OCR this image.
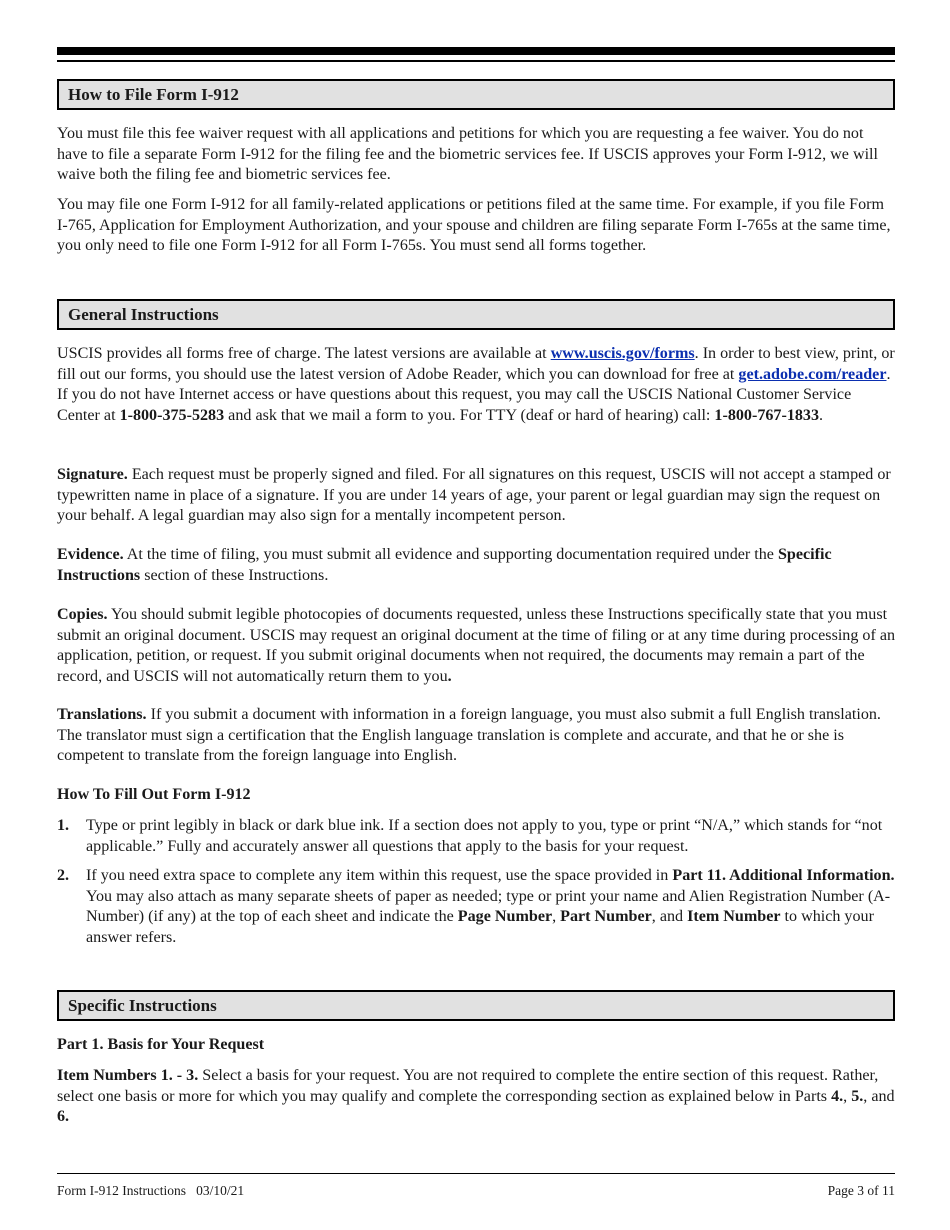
How to File Form I-912

You must file this fee waiver request with all applications and petitions for which you are requesting a fee waiver. You do not have to file a separate Form I-912 for the filing fee and the biometric services fee. If USCIS approves your Form I-912, we will waive both the filing fee and biometric services fee.

You may file one Form I-912 for all family-related applications or petitions filed at the same time. For example, if you file Form I-765, Application for Employment Authorization, and your spouse and children are filing separate Form I-765s at the same time, you only need to file one Form I-912 for all Form I-765s. You must send all forms together.

General Instructions

USCIS provides all forms free of charge. The latest versions are available at www.uscis.gov/forms. In order to best view, print, or fill out our forms, you should use the latest version of Adobe Reader, which you can download for free at get.adobe.com/reader. If you do not have Internet access or have questions about this request, you may call the USCIS National Customer Service Center at 1-800-375-5283 and ask that we mail a form to you. For TTY (deaf or hard of hearing) call: 1-800-767-1833.

Signature. Each request must be properly signed and filed. For all signatures on this request, USCIS will not accept a stamped or typewritten name in place of a signature. If you are under 14 years of age, your parent or legal guardian may sign the request on your behalf. A legal guardian may also sign for a mentally incompetent person.

Evidence. At the time of filing, you must submit all evidence and supporting documentation required under the Specific Instructions section of these Instructions.

Copies. You should submit legible photocopies of documents requested, unless these Instructions specifically state that you must submit an original document. USCIS may request an original document at the time of filing or at any time during processing of an application, petition, or request. If you submit original documents when not required, the documents may remain a part of the record, and USCIS will not automatically return them to you.

Translations. If you submit a document with information in a foreign language, you must also submit a full English translation. The translator must sign a certification that the English language translation is complete and accurate, and that he or she is competent to translate from the foreign language into English.

How To Fill Out Form I-912

1. Type or print legibly in black or dark blue ink. If a section does not apply to you, type or print “N/A,” which stands for “not applicable.” Fully and accurately answer all questions that apply to the basis for your request.
2. If you need extra space to complete any item within this request, use the space provided in Part 11. Additional Information. You may also attach as many separate sheets of paper as needed; type or print your name and Alien Registration Number (A-Number) (if any) at the top of each sheet and indicate the Page Number, Part Number, and Item Number to which your answer refers.
Specific Instructions

Part 1. Basis for Your Request

Item Numbers 1. - 3. Select a basis for your request. You are not required to complete the entire section of this request. Rather, select one basis or more for which you may qualify and complete the corresponding section as explained below in Parts 4., 5., and 6.

Form I-912 Instructions   03/10/21	Page 3 of 11
